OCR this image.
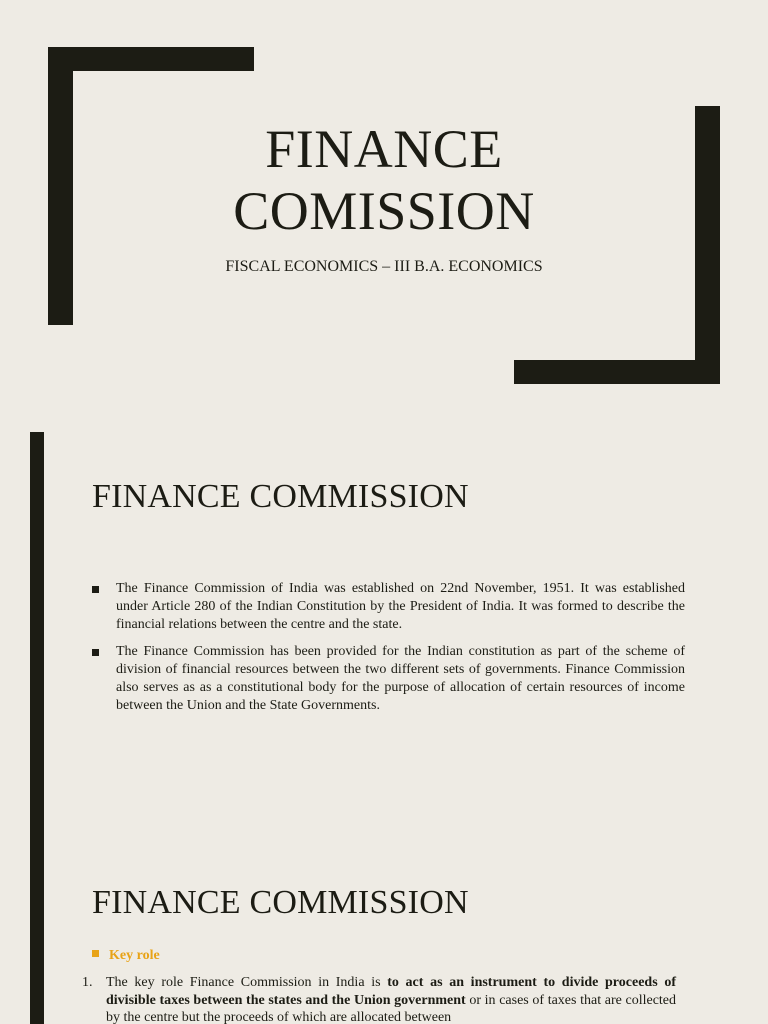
FINANCE
COMISSION

FISCAL ECONOMICS – III B.A. ECONOMICS

FINANCE COMMISSION
The Finance Commission of India was established on 22nd November, 1951. It was established under Article 280 of the Indian Constitution by the President of India. It was formed to describe the financial relations between the centre and the state.
The Finance Commission has been provided for the Indian constitution as part of the scheme of division of financial resources between the two different sets of governments. Finance Commission also serves as as a constitutional body for the purpose of allocation of certain resources of income between the Union and the State Governments.
FINANCE COMMISSION
Key role
1. The key role Finance Commission in India is to act as an instrument to divide proceeds of divisible taxes between the states and the Union government or in cases of taxes that are collected by the centre but the proceeds of which are allocated between
